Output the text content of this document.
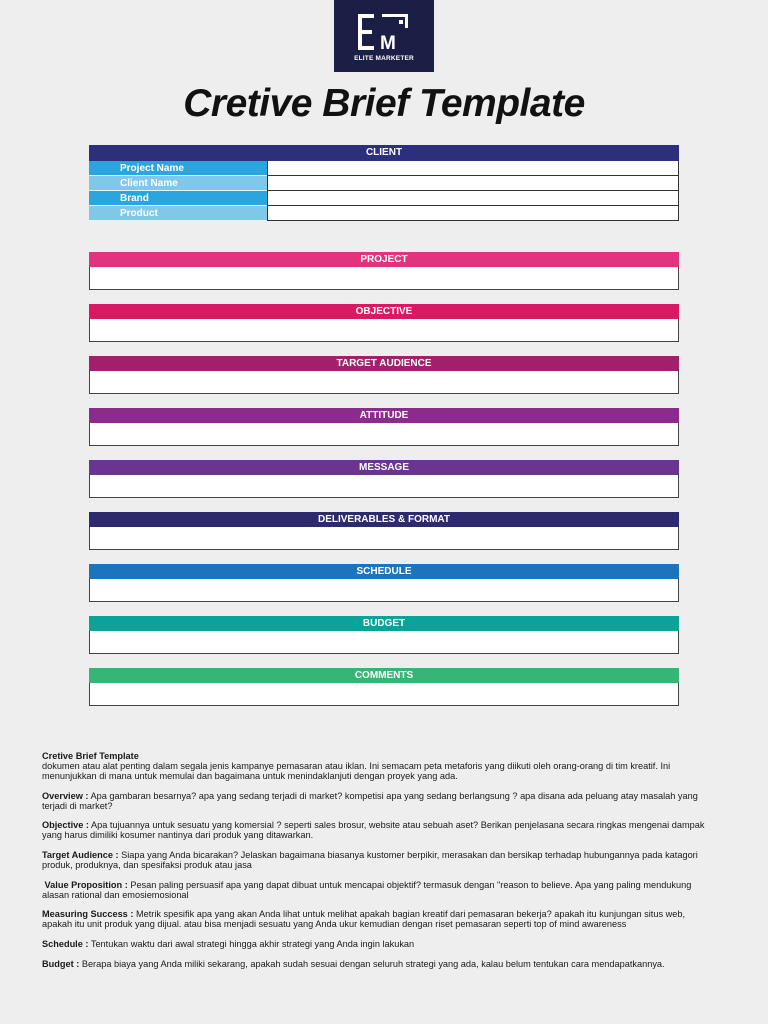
M
ELITE MARKETER
Cretive Brief Template
CLIENT
Project Name
Client Name
Brand
Product
PROJECT
OBJECTIVE
TARGET AUDIENCE
ATTITUDE
MESSAGE
DELIVERABLES & FORMAT
SCHEDULE
BUDGET
COMMENTS

Cretive Brief Template
dokumen atau alat penting dalam segala jenis kampanye pemasaran atau iklan. Ini semacam peta metaforis yang diikuti oleh orang-orang di tim kreatif. Ini menunjukkan di mana untuk memulai dan bagaimana untuk menindaklanjuti dengan proyek yang ada.

Overview : Apa gambaran besarnya? apa yang sedang terjadi di market? kompetisi apa yang sedang berlangsung ? apa disana ada peluang atay masalah yang terjadi di market?

Objective : Apa tujuannya untuk sesuatu yang komersial ? seperti sales brosur, website atau sebuah aset? Berikan penjelasana secara ringkas mengenai dampak yang harus dimiliki kosumer nantinya dari produk yang ditawarkan.

Target Audience : Siapa yang Anda bicarakan? Jelaskan bagaimana biasanya kustomer berpikir, merasakan dan bersikap terhadap hubungannya pada katagori produk, produknya, dan spesifaksi produk atau jasa

Value Proposition : Pesan paling persuasif apa yang dapat dibuat untuk mencapai objektif? termasuk dengan "reason to believe. Apa yang paling mendukung alasan rational dan emosiemosional

Measuring Success : Metrik spesifik apa yang akan Anda lihat untuk melihat apakah bagian kreatif dari pemasaran bekerja? apakah itu kunjungan situs web, apakah itu unit produk yang dijual. atau bisa menjadi sesuatu yang Anda ukur kemudian dengan riset pemasaran seperti top of mind awareness

Schedule : Tentukan waktu dari awal strategi hingga akhir strategi yang Anda ingin lakukan

Budget : Berapa biaya yang Anda miliki sekarang, apakah sudah sesuai dengan seluruh strategi yang ada, kalau belum tentukan cara mendapatkannya.
